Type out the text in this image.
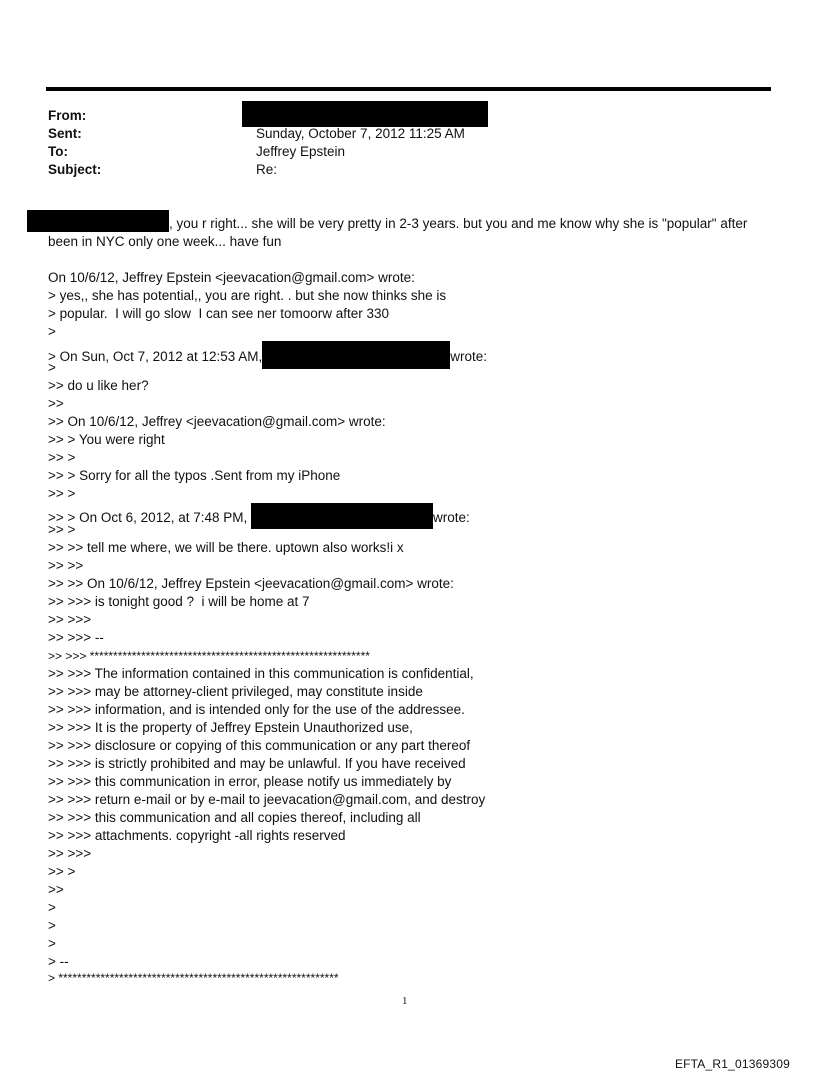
From:
Sent:	Sunday, October 7, 2012 11:25 AM
To:	Jeffrey Epstein
Subject:	Re:
, you r right... she will be very pretty in 2-3 years. but you and me know why she is "popular" after
been in NYC only one week... have fun
On 10/6/12, Jeffrey Epstein <jeevacation@gmail.com> wrote:
> yes,, she has potential,, you are right. . but she now thinks she is
> popular.  I will go slow  I can see ner tomoorw after 330
>
> On Sun, Oct 7, 2012 at 12:53 AM,	wrote:
>
>> do u like her?
>>
>> On 10/6/12, Jeffrey <jeevacation@gmail.com> wrote:
>> > You were right
>> >
>> > Sorry for all the typos .Sent from my iPhone
>> >
>> > On Oct 6, 2012, at 7:48 PM,	wrote:
>> >
>> >> tell me where, we will be there. uptown also works!i x
>> >>
>> >> On 10/6/12, Jeffrey Epstein <jeevacation@gmail.com> wrote:
>> >>> is tonight good ?  i will be home at 7
>> >>>
>> >>> --
>> >>> ************************************************************
>> >>> The information contained in this communication is confidential,
>> >>> may be attorney-client privileged, may constitute inside
>> >>> information, and is intended only for the use of the addressee.
>> >>> It is the property of Jeffrey Epstein Unauthorized use,
>> >>> disclosure or copying of this communication or any part thereof
>> >>> is strictly prohibited and may be unlawful. If you have received
>> >>> this communication in error, please notify us immediately by
>> >>> return e-mail or by e-mail to jeevacation@gmail.com, and destroy
>> >>> this communication and all copies thereof, including all
>> >>> attachments. copyright -all rights reserved
>> >>>
>> >
>>
>
>
>
> --
> ************************************************************
1
EFTA_R1_01369309
